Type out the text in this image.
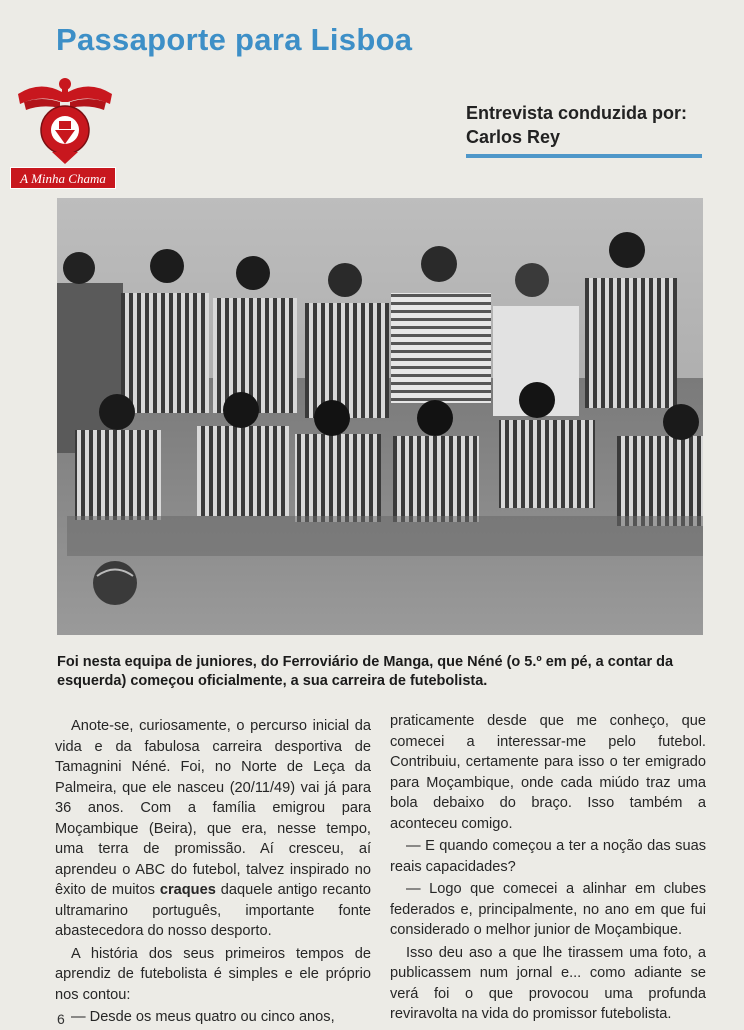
Passaporte para Lisboa
A Minha Chama
Entrevista conduzida por:
Carlos Rey
Foi nesta equipa de juniores, do Ferroviário de Manga, que Néné (o 5.º em pé, a contar da esquerda) começou oficialmente, a sua carreira de futebolista.

Anote-se, curiosamente, o percurso inicial da vida e da fabulosa carreira desportiva de Tamagnini Néné. Foi, no Norte de Leça da Palmeira, que ele nasceu (20/11/49) vai já para 36 anos. Com a família emigrou para Moçambique (Beira), que era, nesse tempo, uma terra de promissão. Aí cresceu, aí aprendeu o ABC do futebol, talvez inspirado no êxito de muitos craques daquele antigo recanto ultramarino português, importante fonte abastecedora do nosso desporto.

A história dos seus primeiros tempos de aprendiz de futebolista é simples e ele próprio nos contou:

— Desde os meus quatro ou cinco anos,

praticamente desde que me conheço, que comecei a interessar-me pelo futebol. Contribuiu, certamente para isso o ter emigrado para Moçambique, onde cada miúdo traz uma bola debaixo do braço. Isso também a aconteceu comigo.

— E quando começou a ter a noção das suas reais capacidades?

— Logo que comecei a alinhar em clubes federados e, principalmente, no ano em que fui considerado o melhor junior de Moçambique.

Isso deu aso a que lhe tirassem uma foto, a publicassem num jornal e... como adiante se verá foi o que provocou uma profunda reviravolta na vida do promissor futebolista.

6
